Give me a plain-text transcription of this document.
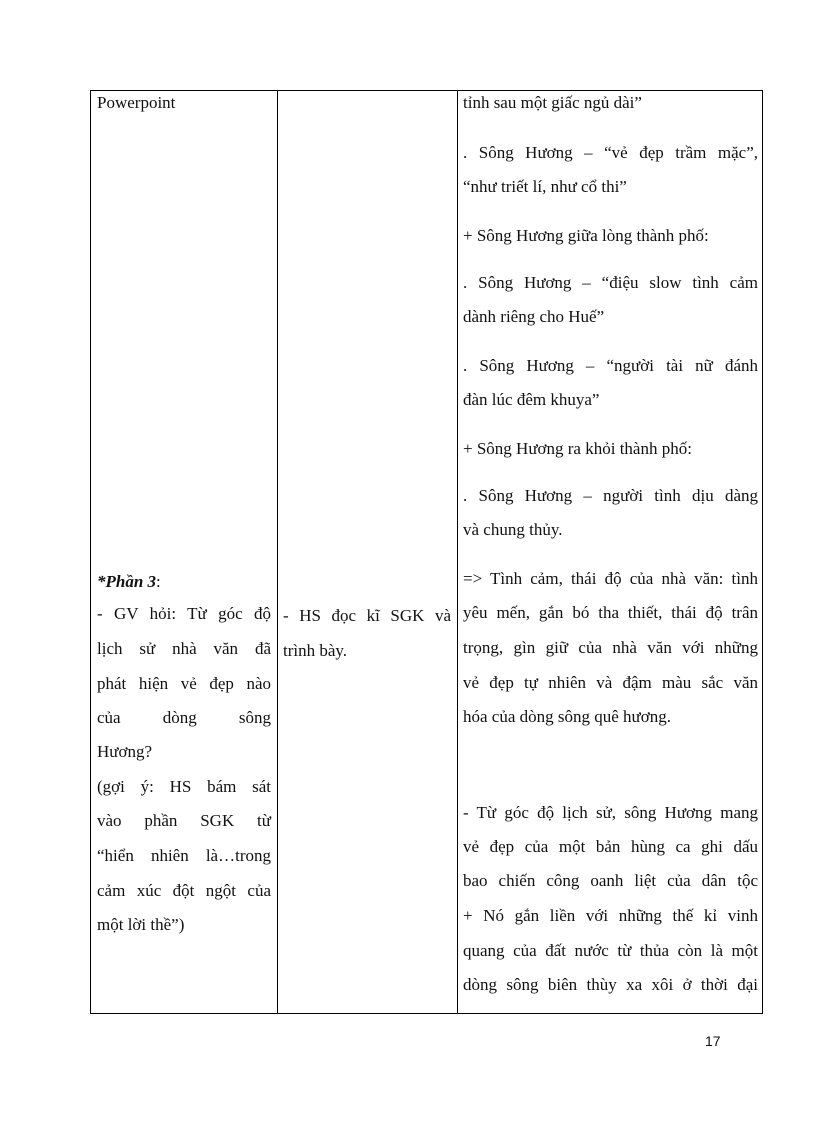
Powerpoint
*Phần 3:
- GV hỏi: Từ góc độ
lịch sử nhà văn đã
phát hiện vẻ đẹp nào
của dòng sông
Hương?
(gợi ý: HS bám sát
vào phần SGK từ
“hiển nhiên là…trong
cảm xúc đột ngột của
một lời thề”)
- HS đọc kĩ SGK và
trình bày.
tỉnh sau một giấc ngủ dài”
. Sông Hương – “vẻ đẹp trầm mặc”,
“như triết lí, như cổ thi”
+ Sông Hương giữa lòng thành phố:
. Sông Hương – “điệu slow tình cảm
dành riêng cho Huế”
. Sông Hương – “người tài nữ đánh
đàn lúc đêm khuya”
+ Sông Hương ra khỏi thành phố:
. Sông Hương – người tình dịu dàng
và chung thủy.
=> Tình cảm, thái độ của nhà văn: tình
yêu mến, gắn bó tha thiết, thái độ trân
trọng, gìn giữ của nhà văn với những
vẻ đẹp tự nhiên và đậm màu sắc văn
hóa của dòng sông quê hương.
- Từ góc độ lịch sử, sông Hương mang
vẻ đẹp của một bản hùng ca ghi dấu
bao chiến công oanh liệt của dân tộc
+ Nó gắn liền với những thế kỉ vinh
quang của đất nước từ thủa còn là một
dòng sông biên thùy xa xôi ở thời đại
17
